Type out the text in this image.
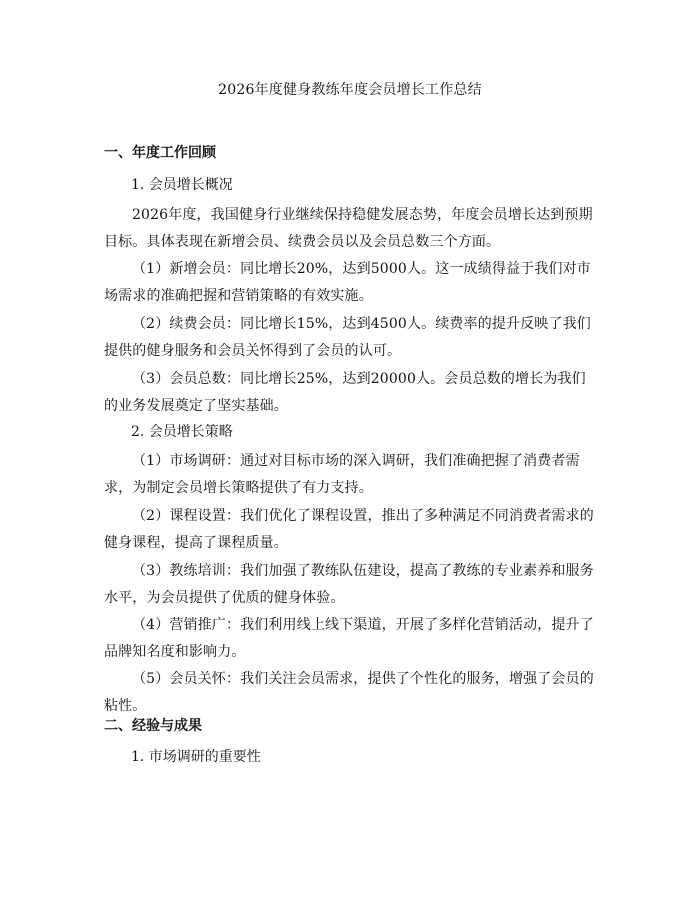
2026年度健身教练年度会员增长工作总结
一、年度工作回顾
1. 会员增长概况
2026年度，我国健身行业继续保持稳健发展态势，年度会员增长达到预期目标。具体表现在新增会员、续费会员以及会员总数三个方面。
（1）新增会员：同比增长20%，达到5000人。这一成绩得益于我们对市场需求的准确把握和营销策略的有效实施。
（2）续费会员：同比增长15%，达到4500人。续费率的提升反映了我们提供的健身服务和会员关怀得到了会员的认可。
（3）会员总数：同比增长25%，达到20000人。会员总数的增长为我们的业务发展奠定了坚实基础。
2. 会员增长策略
（1）市场调研：通过对目标市场的深入调研，我们准确把握了消费者需求，为制定会员增长策略提供了有力支持。
（2）课程设置：我们优化了课程设置，推出了多种满足不同消费者需求的健身课程，提高了课程质量。
（3）教练培训：我们加强了教练队伍建设，提高了教练的专业素养和服务水平，为会员提供了优质的健身体验。
（4）营销推广：我们利用线上线下渠道，开展了多样化营销活动，提升了品牌知名度和影响力。
（5）会员关怀：我们关注会员需求，提供了个性化的服务，增强了会员的粘性。
二、经验与成果
1. 市场调研的重要性
